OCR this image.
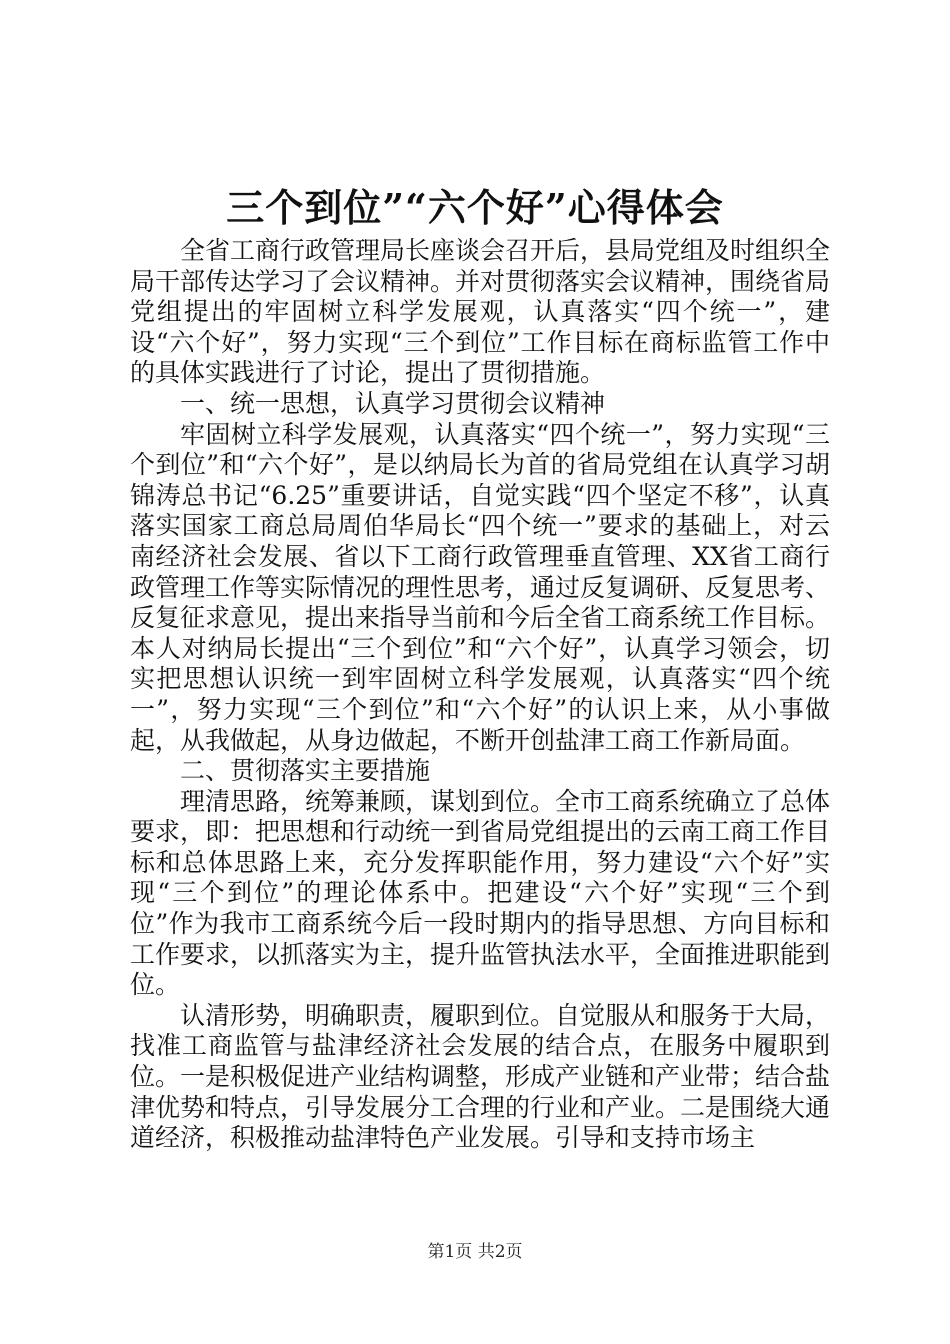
三个到位”“六个好”心得体会

全省工商行政管理局长座谈会召开后，县局党组及时组织全局干部传达学习了会议精神。并对贯彻落实会议精神，围绕省局党组提出的牢固树立科学发展观，认真落实“四个统一”，建设“六个好”，努力实现“三个到位”工作目标在商标监管工作中的具体实践进行了讨论，提出了贯彻措施。

一、统一思想，认真学习贯彻会议精神

牢固树立科学发展观，认真落实“四个统一”，努力实现“三个到位”和“六个好”，是以纳局长为首的省局党组在认真学习胡锦涛总书记“6.25”重要讲话，自觉实践“四个坚定不移”，认真落实国家工商总局周伯华局长“四个统一”要求的基础上，对云南经济社会发展、省以下工商行政管理垂直管理、XX省工商行政管理工作等实际情况的理性思考，通过反复调研、反复思考、反复征求意见，提出来指导当前和今后全省工商系统工作目标。本人对纳局长提出“三个到位”和“六个好”，认真学习领会，切实把思想认识统一到牢固树立科学发展观，认真落实“四个统一”，努力实现“三个到位”和“六个好”的认识上来，从小事做起，从我做起，从身边做起，不断开创盐津工商工作新局面。

二、贯彻落实主要措施

理清思路，统筹兼顾，谋划到位。全市工商系统确立了总体要求，即：把思想和行动统一到省局党组提出的云南工商工作目标和总体思路上来，充分发挥职能作用，努力建设“六个好”实现“三个到位”的理论体系中。把建设“六个好”实现“三个到位”作为我市工商系统今后一段时期内的指导思想、方向目标和工作要求，以抓落实为主，提升监管执法水平，全面推进职能到位。

认清形势，明确职责，履职到位。自觉服从和服务于大局，找准工商监管与盐津经济社会发展的结合点，在服务中履职到位。一是积极促进产业结构调整，形成产业链和产业带；结合盐津优势和特点，引导发展分工合理的行业和产业。二是围绕大通道经济，积极推动盐津特色产业发展。引导和支持市场主

第1页 共2页
